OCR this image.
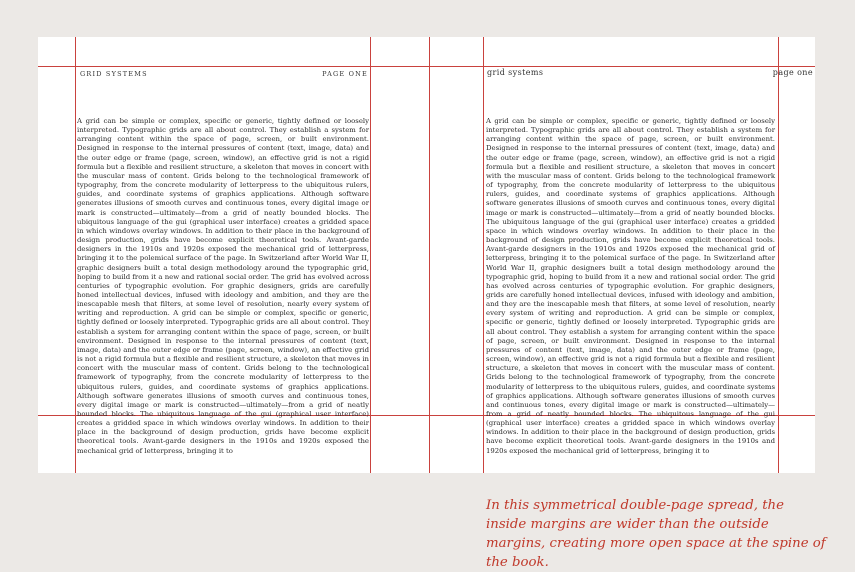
GRID SYSTEMS	PAGE ONE

A grid can be simple or complex, specific or generic, tightly defined or loosely interpreted. Typographic grids are all about control. They establish a system for arranging content within the space of page, screen, or built environment. Designed in response to the internal pressures of content (text, image, data) and the outer edge or frame (page, screen, window), an effective grid is not a rigid formula but a flexible and resilient structure, a skeleton that moves in concert with the muscular mass of content. Grids belong to the technological framework of typography, from the concrete modularity of letterpress to the ubiquitous rulers, guides, and coordinate systems of graphics applications. Although software generates illusions of smooth curves and continuous tones, every digital image or mark is constructed—ultimately—from a grid of neatly bounded blocks. The ubiquitous language of the gui (graphical user interface) creates a gridded space in which windows overlay windows. In addition to their place in the background of design production, grids have become explicit theoretical tools. Avant-garde designers in the 1910s and 1920s exposed the mechanical grid of letterpress, bringing it to the polemical surface of the page. In Switzerland after World War II, graphic designers built a total design methodology around the typographic grid, hoping to build from it a new and rational social order. The grid has evolved across centuries of typographic evolution. For graphic designers, grids are carefully honed intellectual devices, infused with ideology and ambition, and they are the inescapable mesh that filters, at some level of resolution, nearly every system of writing and reproduction. A grid can be simple or complex, specific or generic, tightly defined or loosely interpreted. Typographic grids are all about control. They establish a system for arranging content within the space of page, screen, or built environment. Designed in response to the internal pressures of content (text, image, data) and the outer edge or frame (page, screen, window), an effective grid is not a rigid formula but a flexible and resilient structure, a skeleton that moves in concert with the muscular mass of content. Grids belong to the technological framework of typography, from the concrete modularity of letterpress to the ubiquitous rulers, guides, and coordinate systems of graphics applications. Although software generates illusions of smooth curves and continuous tones, every digital image or mark is constructed—ultimately—from a grid of neatly bounded blocks. The ubiquitous language of the gui (graphical user interface) creates a gridded space in which windows overlay windows. In addition to their place in the background of design production, grids have become explicit theoretical tools. Avant-garde designers in the 1910s and 1920s exposed the mechanical grid of letterpress, bringing it to

grid systems	page one

A grid can be simple or complex, specific or generic, tightly defined or loosely interpreted. Typographic grids are all about control. They establish a system for arranging content within the space of page, screen, or built environment. Designed in response to the internal pressures of content (text, image, data) and the outer edge or frame (page, screen, window), an effective grid is not a rigid formula but a flexible and resilient structure, a skeleton that moves in concert with the muscular mass of content. Grids belong to the technological framework of typography, from the concrete modularity of letterpress to the ubiquitous rulers, guides, and coordinate systems of graphics applications. Although software generates illusions of smooth curves and continuous tones, every digital image or mark is constructed—ultimately—from a grid of neatly bounded blocks. The ubiquitous language of the gui (graphical user interface) creates a gridded space in which windows overlay windows. In addition to their place in the background of design production, grids have become explicit theoretical tools. Avant-garde designers in the 1910s and 1920s exposed the mechanical grid of letterpress, bringing it to the polemical surface of the page. In Switzerland after World War II, graphic designers built a total design methodology around the typographic grid, hoping to build from it a new and rational social order. The grid has evolved across centuries of typographic evolution. For graphic designers, grids are carefully honed intellectual devices, infused with ideology and ambition, and they are the inescapable mesh that filters, at some level of resolution, nearly every system of writing and reproduction. A grid can be simple or complex, specific or generic, tightly defined or loosely interpreted. Typographic grids are all about control. They establish a system for arranging content within the space of page, screen, or built environment. Designed in response to the internal pressures of content (text, image, data) and the outer edge or frame (page, screen, window), an effective grid is not a rigid formula but a flexible and resilient structure, a skeleton that moves in concert with the muscular mass of content. Grids belong to the technological framework of typography, from the concrete modularity of letterpress to the ubiquitous rulers, guides, and coordinate systems of graphics applications. Although software generates illusions of smooth curves and continuous tones, every digital image or mark is constructed—ultimately—from a grid of neatly bounded blocks. The ubiquitous language of the gui (graphical user interface) creates a gridded space in which windows overlay windows. In addition to their place in the background of design production, grids have become explicit theoretical tools. Avant-garde designers in the 1910s and 1920s exposed the mechanical grid of letterpress, bringing it to

In this symmetrical double-page spread, the inside margins are wider than the outside margins, creating more open space at the spine of the book.
